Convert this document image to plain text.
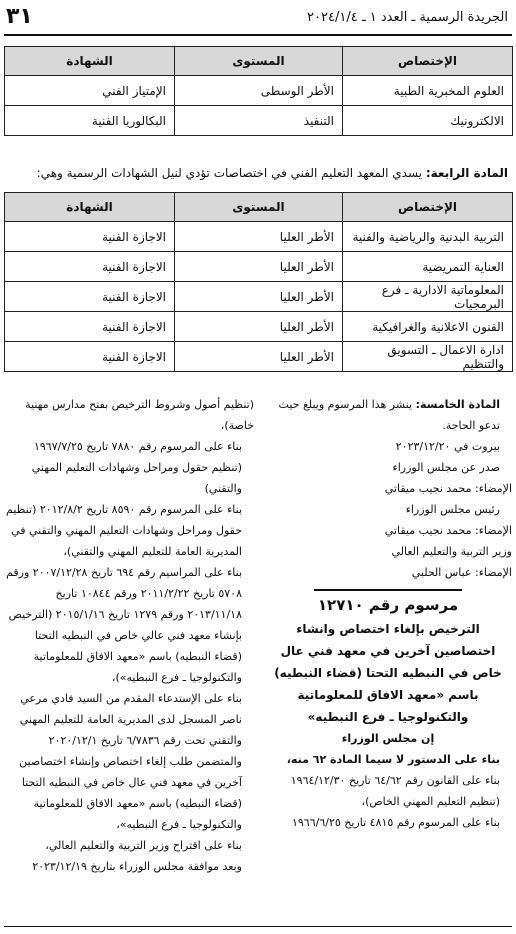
٣١	الجريدة الرسمية ـ العدد ١ ـ ٢٠٢٤/١/٤
الإختصاص	المستوى	الشهادة
العلوم المخبرية الطبية	الأطر الوسطى	الإمتياز الفني
الالكترونيك	التنفيذ	البكالوريا الفنية
المادة الرابعة: يسدي المعهد التعليم الفني في اختصاصات تؤدي لنيل الشهادات الرسمية وهي:
الإختصاص	المستوى	الشهادة
التربية البدنية والرياضية والفنية	الأطر العليا	الاجازة الفنية
العناية التمريضية	الأطر العليا	الاجازة الفنية
المعلوماتية الادارية ـ فرع البرمجيات	الأطر العليا	الاجازة الفنية
الفنون الاعلانية والغرافيكية	الأطر العليا	الاجازة الفنية
ادارة الاعمال ـ التسويق والتنظيم	الأطر العليا	الاجازة الفنية

المادة الخامسة: ينشر هذا المرسوم ويبلغ حيث تدعو الحاجة.

بيروت في ٢٠٢٣/١٢/٢٠

صدر عن مجلس الوزراء

الإمضاء: محمد نجيب ميقاتي

رئيس مجلس الوزراء

الإمضاء: محمد نجيب ميقاتي

وزير التربية والتعليم العالي

الإمضاء: عباس الحلبي

مرسوم رقم ١٢٧١٠
الترخيص بإلغاء اختصاص وانشاء اختصاصين آخرين في معهد فني عال خاص في النبطيه التحتا (قضاء النبطيه) باسم «معهد الافاق للمعلوماتية والتكنولوجيا ـ فرع النبطيه»

إن مجلس الوزراء

بناء على الدستور لا سيما المادة ٦٢ منه،

بناء على القانون رقم ٦٤/٦٢ تاريخ ١٩٦٤/١٢/٣٠ (تنظيم التعليم المهني الخاص)،

بناء على المرسوم رقم ٤٨١٥ تاريخ ١٩٦٦/٦/٢٥

(تنظيم أصول وشروط الترخيص بفتح مدارس مهنية خاصة)،

بناء على المرسوم رقم ٧٨٨٠ تاريخ ١٩٦٧/٧/٢٥ (تنظيم حقول ومراحل وشهادات التعليم المهني والتقني)

بناء على المرسوم رقم ٨٥٩٠ تاريخ ٢٠١٢/٨/٢ (تنظيم حقول ومراحل وشهادات التعليم المهني والتقني في المديرية العامة للتعليم المهني والتقني)،

بناء على المراسيم رقم ٦٩٤ تاريخ ٢٠٠٧/١٢/٢٨ ورقم ٥٧٠٨ تاريخ ٢٠١١/٢/٢٢ ورقم ١٠٨٤٤ تاريخ ٢٠١٣/١١/١٨ ورقم ١٢٧٩ تاريخ ٢٠١٥/١/١٦ (الترخيص بإنشاء معهد فني عالي خاص في النبطيه التحتا (قضاء النبطيه) باسم «معهد الافاق للمعلوماتية والتكنولوجيا ـ فرع النبطيه»)،

بناء على الإستدعاء المقدم من السيد فادي مرعي ناصر المسجل لدى المديرية العامة للتعليم المهني والتقني تحت رقم ٦/٧٨٣٦ تاريخ ٢٠٢٠/١٢/١ والمتضمن طلب إلغاء اختصاص وإنشاء اختصاصين آخرين في معهد فني عال خاص في النبطيه التحتا (قضاء النبطيه) باسم «معهد الافاق للمعلوماتية والتكنولوجيا ـ فرع النبطيه»،

بناء على اقتراح وزير التربية والتعليم العالي،

وبعد موافقة مجلس الوزراء بتاريخ ٢٠٢٣/١٢/١٩
